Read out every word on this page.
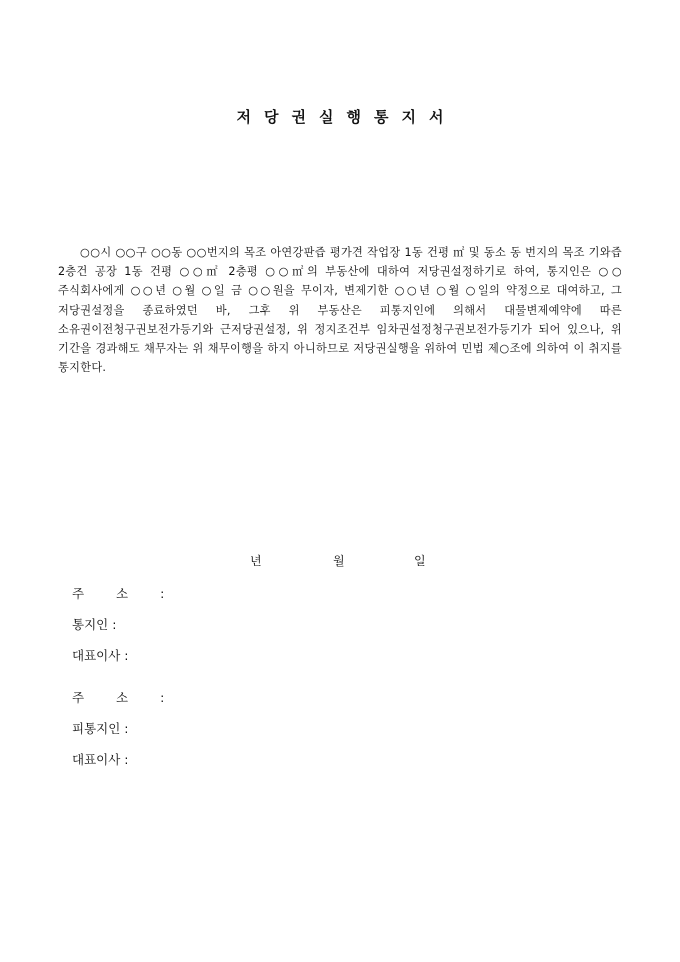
저당권실행통지서

○○시 ○○구 ○○동 ○○번지의 목조 아연강판즙 평가견 작업장 1동 건평 ㎡ 및 동소 동 번지의 목조 기와즙 2층건 공장 1동 건평 ○○㎡ 2층평 ○○㎡의 부동산에 대하여 저당권설정하기로 하여, 통지인은 ○○주식회사에게 ○○년 ○월 ○일 금 ○○원을 무이자, 변제기한 ○○년 ○월 ○일의 약정으로 대여하고, 그 저당권설정을 종료하였던 바, 그후 위 부동산은 피통지인에 의해서 대물변제예약에 따른 소유권이전청구권보전가등기와 근저당권설정, 위 정지조건부 임차권설정청구권보전가등기가 되어 있으나, 위 기간을 경과해도 채무자는 위 채무이행을 하지 아니하므로 저당권실행을 위하여 민법 제○조에 의하여 이 취지를 통지한다.

년	월	일
주 소 :
통지인 :
대표이사 :
주 소 :
피통지인 :
대표이사 :
